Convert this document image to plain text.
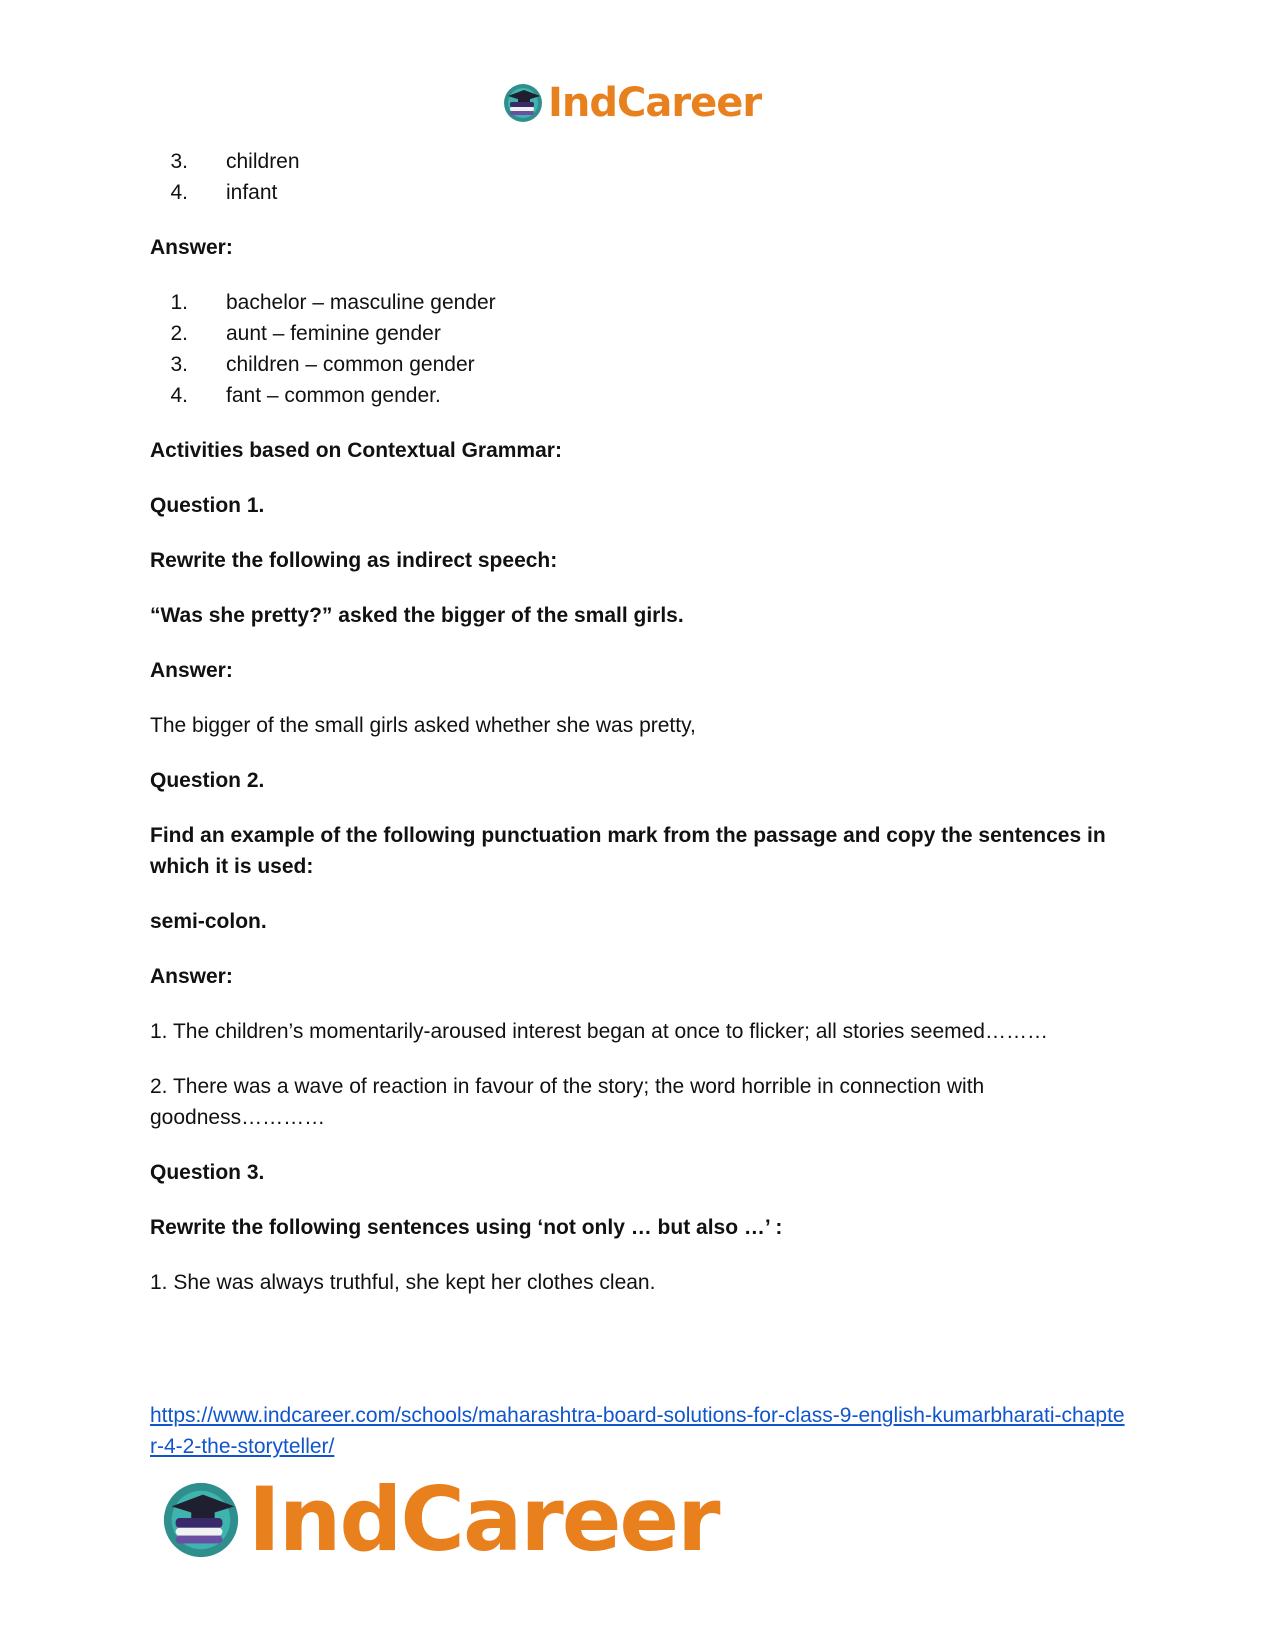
IndCareer
3. children
4. infant

Answer:

1. bachelor – masculine gender
2. aunt – feminine gender
3. children – common gender
4. fant – common gender.

Activities based on Contextual Grammar:

Question 1.

Rewrite the following as indirect speech:

“Was she pretty?” asked the bigger of the small girls.

Answer:

The bigger of the small girls asked whether she was pretty,

Question 2.

Find an example of the following punctuation mark from the passage and copy the sentences in which it is used:

semi-colon.

Answer:

1. The children’s momentarily-aroused interest began at once to flicker; all stories seemed………

2. There was a wave of reaction in favour of the story; the word horrible in connection with goodness…………

Question 3.

Rewrite the following sentences using ‘not only … but also …’ :

1. She was always truthful, she kept her clothes clean.

https://www.indcareer.com/schools/maharashtra-board-solutions-for-class-9-english-kumarbharati-chapter-4-2-the-storyteller/
IndCareer
